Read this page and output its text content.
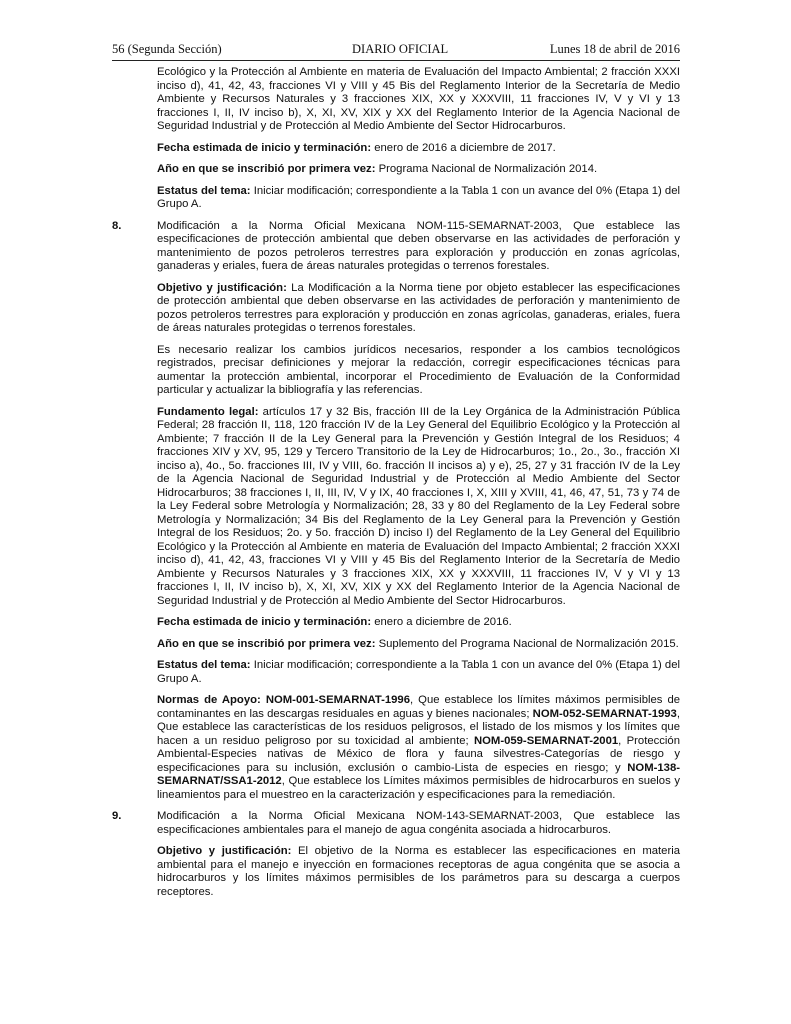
56 (Segunda Sección)	DIARIO OFICIAL	Lunes 18 de abril de 2016

Ecológico y la Protección al Ambiente en materia de Evaluación del Impacto Ambiental; 2 fracción XXXI inciso d), 41, 42, 43, fracciones VI y VIII y 45 Bis del Reglamento Interior de la Secretaría de Medio Ambiente y Recursos Naturales y 3 fracciones XIX, XX y XXXVIII, 11 fracciones IV, V y VI y 13 fracciones I, II, IV inciso b), X, XI, XV, XIX y XX del Reglamento Interior de la Agencia Nacional de Seguridad Industrial y de Protección al Medio Ambiente del Sector Hidrocarburos.

Fecha estimada de inicio y terminación: enero de 2016 a diciembre de 2017.

Año en que se inscribió por primera vez: Programa Nacional de Normalización 2014.

Estatus del tema: Iniciar modificación; correspondiente a la Tabla 1 con un avance del 0% (Etapa 1) del Grupo A.

8.	Modificación a la Norma Oficial Mexicana NOM-115-SEMARNAT-2003, Que establece las especificaciones de protección ambiental que deben observarse en las actividades de perforación y mantenimiento de pozos petroleros terrestres para exploración y producción en zonas agrícolas, ganaderas y eriales, fuera de áreas naturales protegidas o terrenos forestales.

Objetivo y justificación: La Modificación a la Norma tiene por objeto establecer las especificaciones de protección ambiental que deben observarse en las actividades de perforación y mantenimiento de pozos petroleros terrestres para exploración y producción en zonas agrícolas, ganaderas, eriales, fuera de áreas naturales protegidas o terrenos forestales.

Es necesario realizar los cambios jurídicos necesarios, responder a los cambios tecnológicos registrados, precisar definiciones y mejorar la redacción, corregir especificaciones técnicas para aumentar la protección ambiental, incorporar el Procedimiento de Evaluación de la Conformidad particular y actualizar la bibliografía y las referencias.

Fundamento legal: artículos 17 y 32 Bis, fracción III de la Ley Orgánica de la Administración Pública Federal; 28 fracción II, 118, 120 fracción IV de la Ley General del Equilibrio Ecológico y la Protección al Ambiente; 7 fracción II de la Ley General para la Prevención y Gestión Integral de los Residuos; 4 fracciones XIV y XV, 95, 129 y Tercero Transitorio de la Ley de Hidrocarburos; 1o., 2o., 3o., fracción XI inciso a), 4o., 5o. fracciones III, IV y VIII, 6o. fracción II incisos a) y e), 25, 27 y 31 fracción IV de la Ley de la Agencia Nacional de Seguridad Industrial y de Protección al Medio Ambiente del Sector Hidrocarburos; 38 fracciones I, II, III, IV, V y IX, 40 fracciones I, X, XIII y XVIII, 41, 46, 47, 51, 73 y 74 de la Ley Federal sobre Metrología y Normalización; 28, 33 y 80 del Reglamento de la Ley Federal sobre Metrología y Normalización; 34 Bis del Reglamento de la Ley General para la Prevención y Gestión Integral de los Residuos; 2o. y 5o. fracción D) inciso I) del Reglamento de la Ley General del Equilibrio Ecológico y la Protección al Ambiente en materia de Evaluación del Impacto Ambiental; 2 fracción XXXI inciso d), 41, 42, 43, fracciones VI y VIII y 45 Bis del Reglamento Interior de la Secretaría de Medio Ambiente y Recursos Naturales y 3 fracciones XIX, XX y XXXVIII, 11 fracciones IV, V y VI y 13 fracciones I, II, IV inciso b), X, XI, XV, XIX y XX del Reglamento Interior de la Agencia Nacional de Seguridad Industrial y de Protección al Medio Ambiente del Sector Hidrocarburos.

Fecha estimada de inicio y terminación: enero a diciembre de 2016.

Año en que se inscribió por primera vez: Suplemento del Programa Nacional de Normalización 2015.

Estatus del tema: Iniciar modificación; correspondiente a la Tabla 1 con un avance del 0% (Etapa 1) del Grupo A.

Normas de Apoyo: NOM-001-SEMARNAT-1996, Que establece los límites máximos permisibles de contaminantes en las descargas residuales en aguas y bienes nacionales; NOM-052-SEMARNAT-1993, Que establece las características de los residuos peligrosos, el listado de los mismos y los límites que hacen a un residuo peligroso por su toxicidad al ambiente; NOM-059-SEMARNAT-2001, Protección Ambiental-Especies nativas de México de flora y fauna silvestres-Categorías de riesgo y especificaciones para su inclusión, exclusión o cambio-Lista de especies en riesgo; y NOM-138-SEMARNAT/SSA1-2012, Que establece los Límites máximos permisibles de hidrocarburos en suelos y lineamientos para el muestreo en la caracterización y especificaciones para la remediación.

9.	Modificación a la Norma Oficial Mexicana NOM-143-SEMARNAT-2003, Que establece las especificaciones ambientales para el manejo de agua congénita asociada a hidrocarburos.

Objetivo y justificación: El objetivo de la Norma es establecer las especificaciones en materia ambiental para el manejo e inyección en formaciones receptoras de agua congénita que se asocia a hidrocarburos y los límites máximos permisibles de los parámetros para su descarga a cuerpos receptores.
